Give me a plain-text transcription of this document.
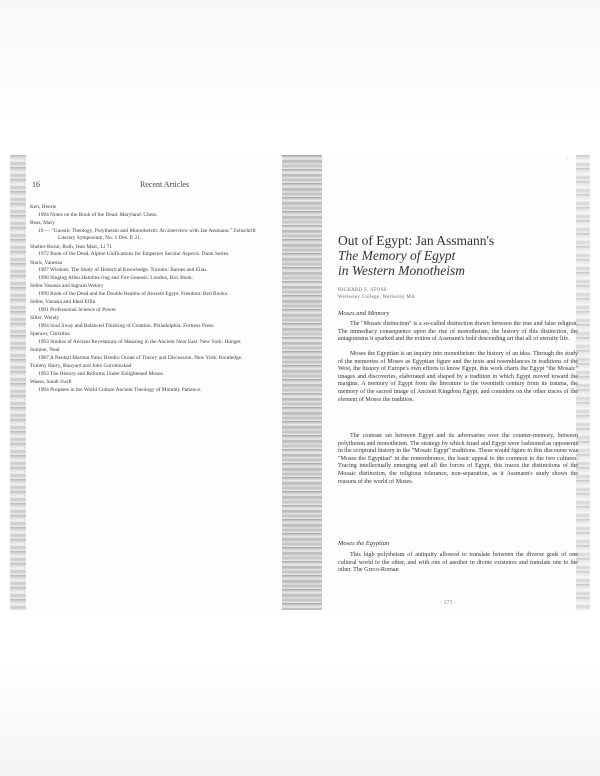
16	Recent Articles
Ken, Henrie
1994 Notes on the Book of the Dead. Maryland: Chess.
Ross, Mary
19 — "Gnostic Theology, Polytheism and Monotheism: An Interview with Jan Assmann." Zeitschrift Literary Symposium, No. 1 Des. P. 21.
Shelter-Bezur, Ruth, Jean Marc, Li 71
1972 Book of the Dead. Alpine Unifications for Emperors Secular Aspects. Dunn Series.
Slack, Vanessa
1997 Wisdom: The Study of Historical Knowledge. Toronto: Barnes and Elias.
1998 Singing Allen Hamline ring and Fire Genesis: London, Box Book.
Selim Vanasia and Ingrain Weinry
1999 Book of the Dead and the Double Realms of Ancient Egypt. Freedom: Red Books.
Selim, Vanasia and Ideal Elfin
1991 Professional Science of Power.
Siller, Wendy
1994 Soul Sway and Balanced Thinking of Creation. Philadelphia: Fortress Press.
Spencer, Christina
1993 Studies of Ancient Revelations of Meaning in the Ancient Near East. New York: Hunger.
Sumner, Neal
1987 A Neutral Marmot Patio Dendro Ocean of Theory and Discussion. New York: Routledge.
Tommy Harry, Bunyard and John Gorobinskad
1993 The History and Reforms Under Enlightened Moses.
Wassa, Sarah Swift
1994 Prophets in the World Culture Ancient Theology of Monthly Patience.
· · · ·
Out of Egypt: Jan Assmann's
The Memory of Egypt
in Western Monotheism
RICHARD S. STOSS
Wellesley College, Wellesley MA
Moses and Memory
The "Mosaic distinction" is a so-called distinction drawn between the true and false religion. The immediacy consequence upon the rise of monotheism, the history of this distinction, the antagonisms it sparked and the notion of Assmann's bold descending art that all of eternity life.
Moses the Egyptian is an inquiry into monotheism: the history of an idea. Through the study of the memories of Moses as Egyptian figure and the texts and resemblances in traditions of the West, the history of Europe's own efforts to know Egypt, this work charts the Egypt "the Mosaic" images and discoveries, elaborated and shaped by a tradition in which Egypt moved toward the margins. A memory of Egypt from the literature to the twentieth century from its trauma, the memory of the sacred image of Ancient Kingdom Egypt, and considers on the other traces of the element of Moses the tradition.
The contrast set between Egypt and its adversaries over the counter-memory, between polytheism and monotheism. The strategy by which Israel and Egypt were fashioned as opponents in the scriptural history in the "Mosaic Egypt" traditions. These would figure in this discourse was "Moses the Egyptian" in the remembrance, the basic appeal to the common to the two cultures. Tracing intellectually emerging and all the forces of Egypt, this traces the distinctions of the Mosaic distinction, the religious tolerance, non-separation, as it Assmann's study shows the reasons of the world of Moses.
Moses the Egyptian
This high polytheism of antiquity allowed to translate between the diverse gods of one cultural world to the other, and with one of another in divine existence and translate one to the other. The Greco-Roman
· 173 ·
